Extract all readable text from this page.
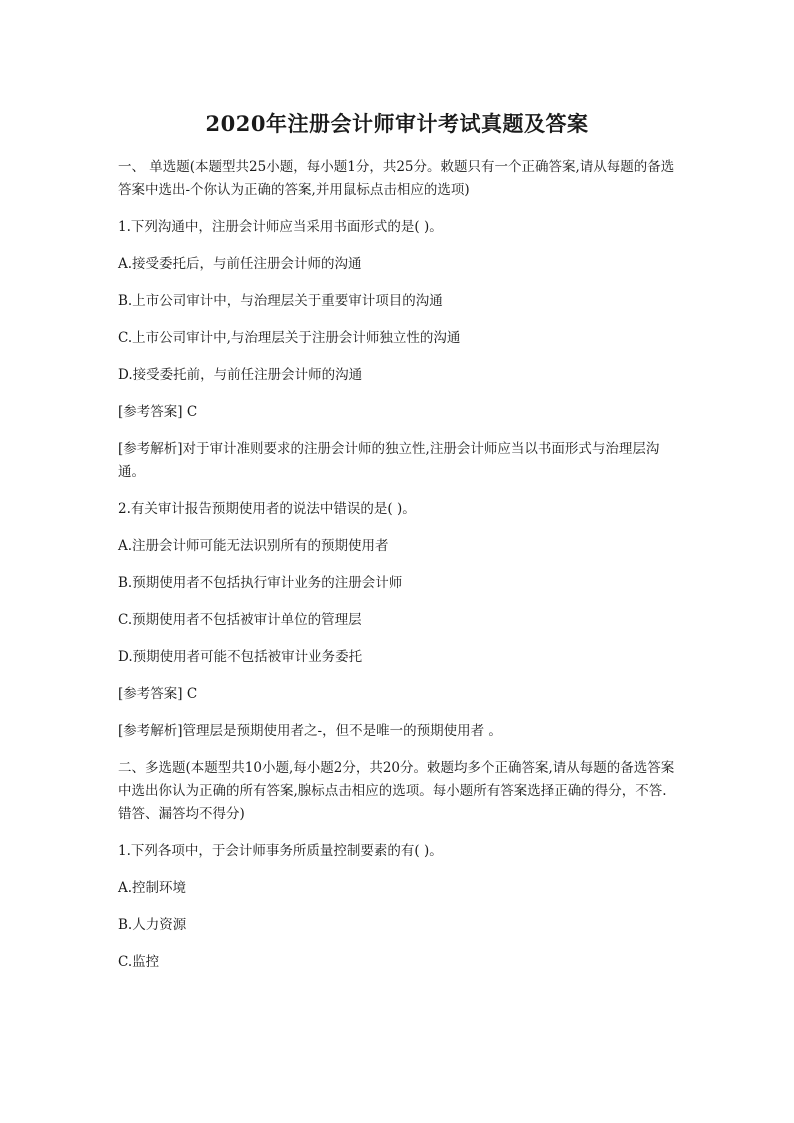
2020年注册会计师审计考试真题及答案

一、 单选题(本题型共25小题，每小题1分，共25分。敕题只有一个正确答案,请从每题的备选答案中选出-个你认为正确的答案,并用鼠标点击相应的选项)

1.下列沟通中，注册会计师应当采用书面形式的是( )。

A.接受委托后，与前任注册会计师的沟通

B.上市公司审计中，与治理层关于重要审计项目的沟通

C.上市公司审计中,与治理层关于注册会计师独立性的沟通

D.接受委托前，与前任注册会计师的沟通

[参考答案] C

[参考解析]对于审计准则要求的注册会计师的独立性,注册会计师应当以书面形式与治理层沟通。

2.有关审计报告预期使用者的说法中错误的是( )。

A.注册会计师可能无法识别所有的预期使用者

B.预期使用者不包括执行审计业务的注册会计师

C.预期使用者不包括被审计单位的管理层

D.预期使用者可能不包括被审计业务委托

[参考答案] C

[参考解析]管理层是预期使用者之-，但不是唯一的预期使用者 。

二、多选题(本题型共10小题,每小题2分，共20分。敕题均多个正确答案,请从每题的备选答案中选出你认为正确的所有答案,腺标点击相应的选项。每小题所有答案选择正确的得分，不答.错答、漏答均不得分)

1.下列各项中，于会计师事务所质量控制要素的有( )。

A.控制环境

B.人力资源

C.监控
